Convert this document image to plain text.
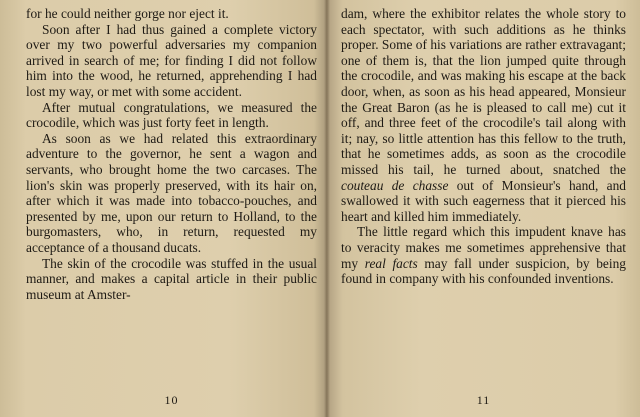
for he could neither gorge nor eject it.

Soon after I had thus gained a complete victory over my two powerful adversaries my companion arrived in search of me; for finding I did not follow him into the wood, he returned, apprehending I had lost my way, or met with some accident.

After mutual congratulations, we measured the crocodile, which was just forty feet in length.

As soon as we had related this extraordinary adventure to the governor, he sent a wagon and servants, who brought home the two carcases. The lion's skin was properly preserved, with its hair on, after which it was made into tobacco-pouches, and presented by me, upon our return to Holland, to the burgomasters, who, in return, requested my acceptance of a thousand ducats.

The skin of the crocodile was stuffed in the usual manner, and makes a capital article in their public museum at Amster-

10

dam, where the exhibitor relates the whole story to each spectator, with such additions as he thinks proper. Some of his variations are rather extravagant; one of them is, that the lion jumped quite through the crocodile, and was making his escape at the back door, when, as soon as his head appeared, Monsieur the Great Baron (as he is pleased to call me) cut it off, and three feet of the crocodile's tail along with it; nay, so little attention has this fellow to the truth, that he sometimes adds, as soon as the crocodile missed his tail, he turned about, snatched the couteau de chasse out of Monsieur's hand, and swallowed it with such eagerness that it pierced his heart and killed him immediately.

The little regard which this impudent knave has to veracity makes me sometimes apprehensive that my real facts may fall under suspicion, by being found in company with his confounded inventions.

11
